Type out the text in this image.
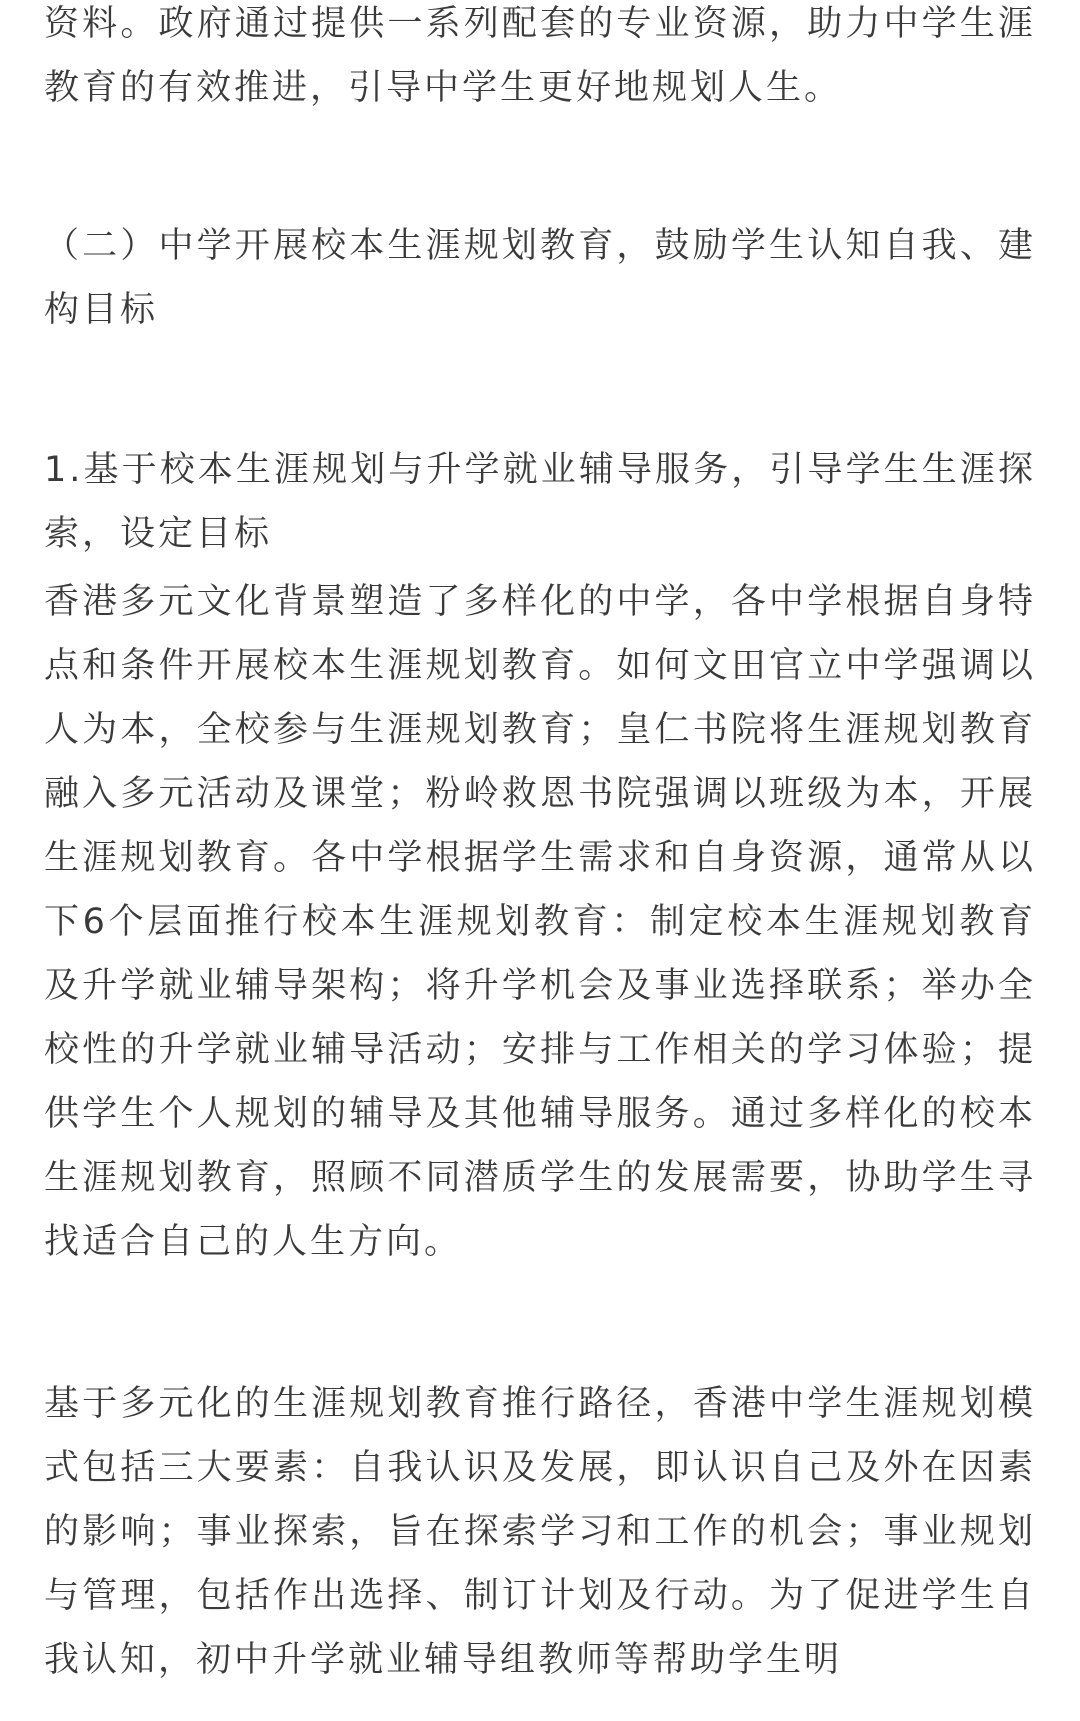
资料。政府通过提供一系列配套的专业资源，助力中学生涯教育的有效推进，引导中学生更好地规划人生。

（二）中学开展校本生涯规划教育，鼓励学生认知自我、建构目标

1.基于校本生涯规划与升学就业辅导服务，引导学生生涯探索，设定目标

香港多元文化背景塑造了多样化的中学，各中学根据自身特点和条件开展校本生涯规划教育。如何文田官立中学强调以人为本，全校参与生涯规划教育；皇仁书院将生涯规划教育融入多元活动及课堂；粉岭救恩书院强调以班级为本，开展生涯规划教育。各中学根据学生需求和自身资源，通常从以下6个层面推行校本生涯规划教育：制定校本生涯规划教育及升学就业辅导架构；将升学机会及事业选择联系；举办全校性的升学就业辅导活动；安排与工作相关的学习体验；提供学生个人规划的辅导及其他辅导服务。通过多样化的校本生涯规划教育，照顾不同潜质学生的发展需要，协助学生寻找适合自己的人生方向。

基于多元化的生涯规划教育推行路径，香港中学生涯规划模式包括三大要素：自我认识及发展，即认识自己及外在因素的影响；事业探索，旨在探索学习和工作的机会；事业规划与管理，包括作出选择、制订计划及行动。为了促进学生自我认知，初中升学就业辅导组教师等帮助学生明
